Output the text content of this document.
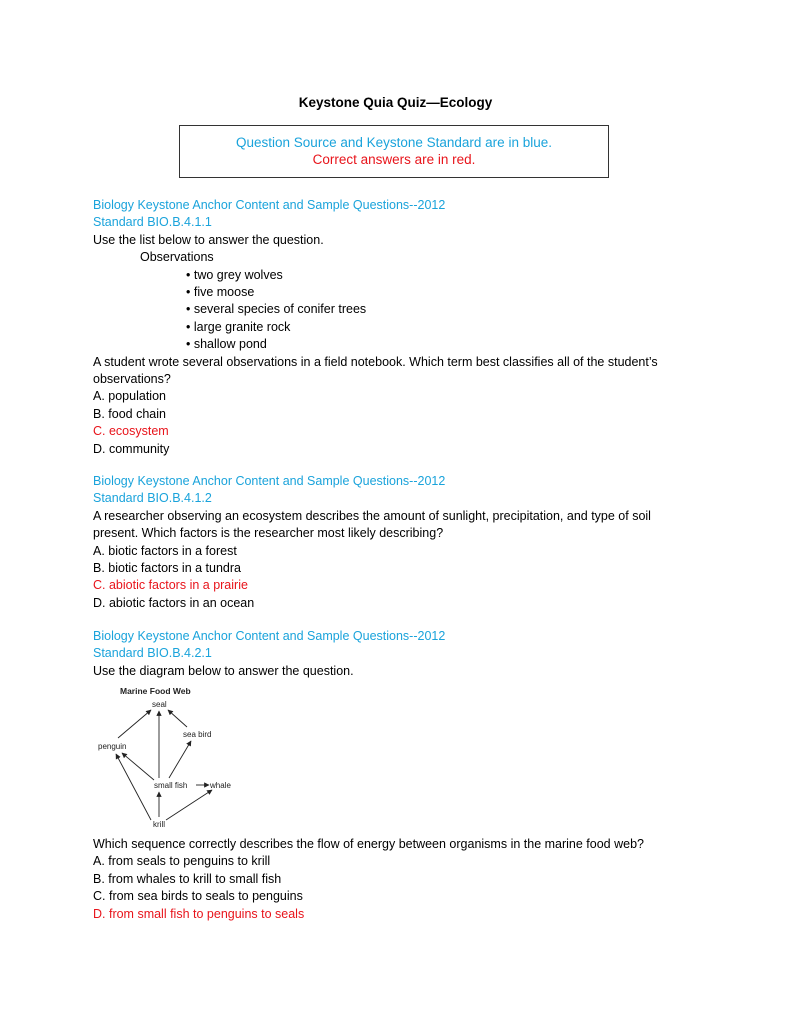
Keystone Quia Quiz—Ecology
Question Source and Keystone Standard are in blue.
Correct answers are in red.
Biology Keystone Anchor Content and Sample Questions--2012
Standard BIO.B.4.1.1
Use the list below to answer the question.
Observations
• two grey wolves
• five moose
• several species of conifer trees
• large granite rock
• shallow pond
A student wrote several observations in a field notebook. Which term best classifies all of the student’s
observations?
A. population
B. food chain
C. ecosystem
D. community
Biology Keystone Anchor Content and Sample Questions--2012
Standard BIO.B.4.1.2
A researcher observing an ecosystem describes the amount of sunlight, precipitation, and type of soil
present. Which factors is the researcher most likely describing?
A. biotic factors in a forest
B. biotic factors in a tundra
C. abiotic factors in a prairie
D. abiotic factors in an ocean
Biology Keystone Anchor Content and Sample Questions--2012
Standard BIO.B.4.2.1
Use the diagram below to answer the question.
Marine Food Web
seal
sea bird
penguin
small fish	whale
krill
Which sequence correctly describes the flow of energy between organisms in the marine food web?
A. from seals to penguins to krill
B. from whales to krill to small fish
C. from sea birds to seals to penguins
D. from small fish to penguins to seals
